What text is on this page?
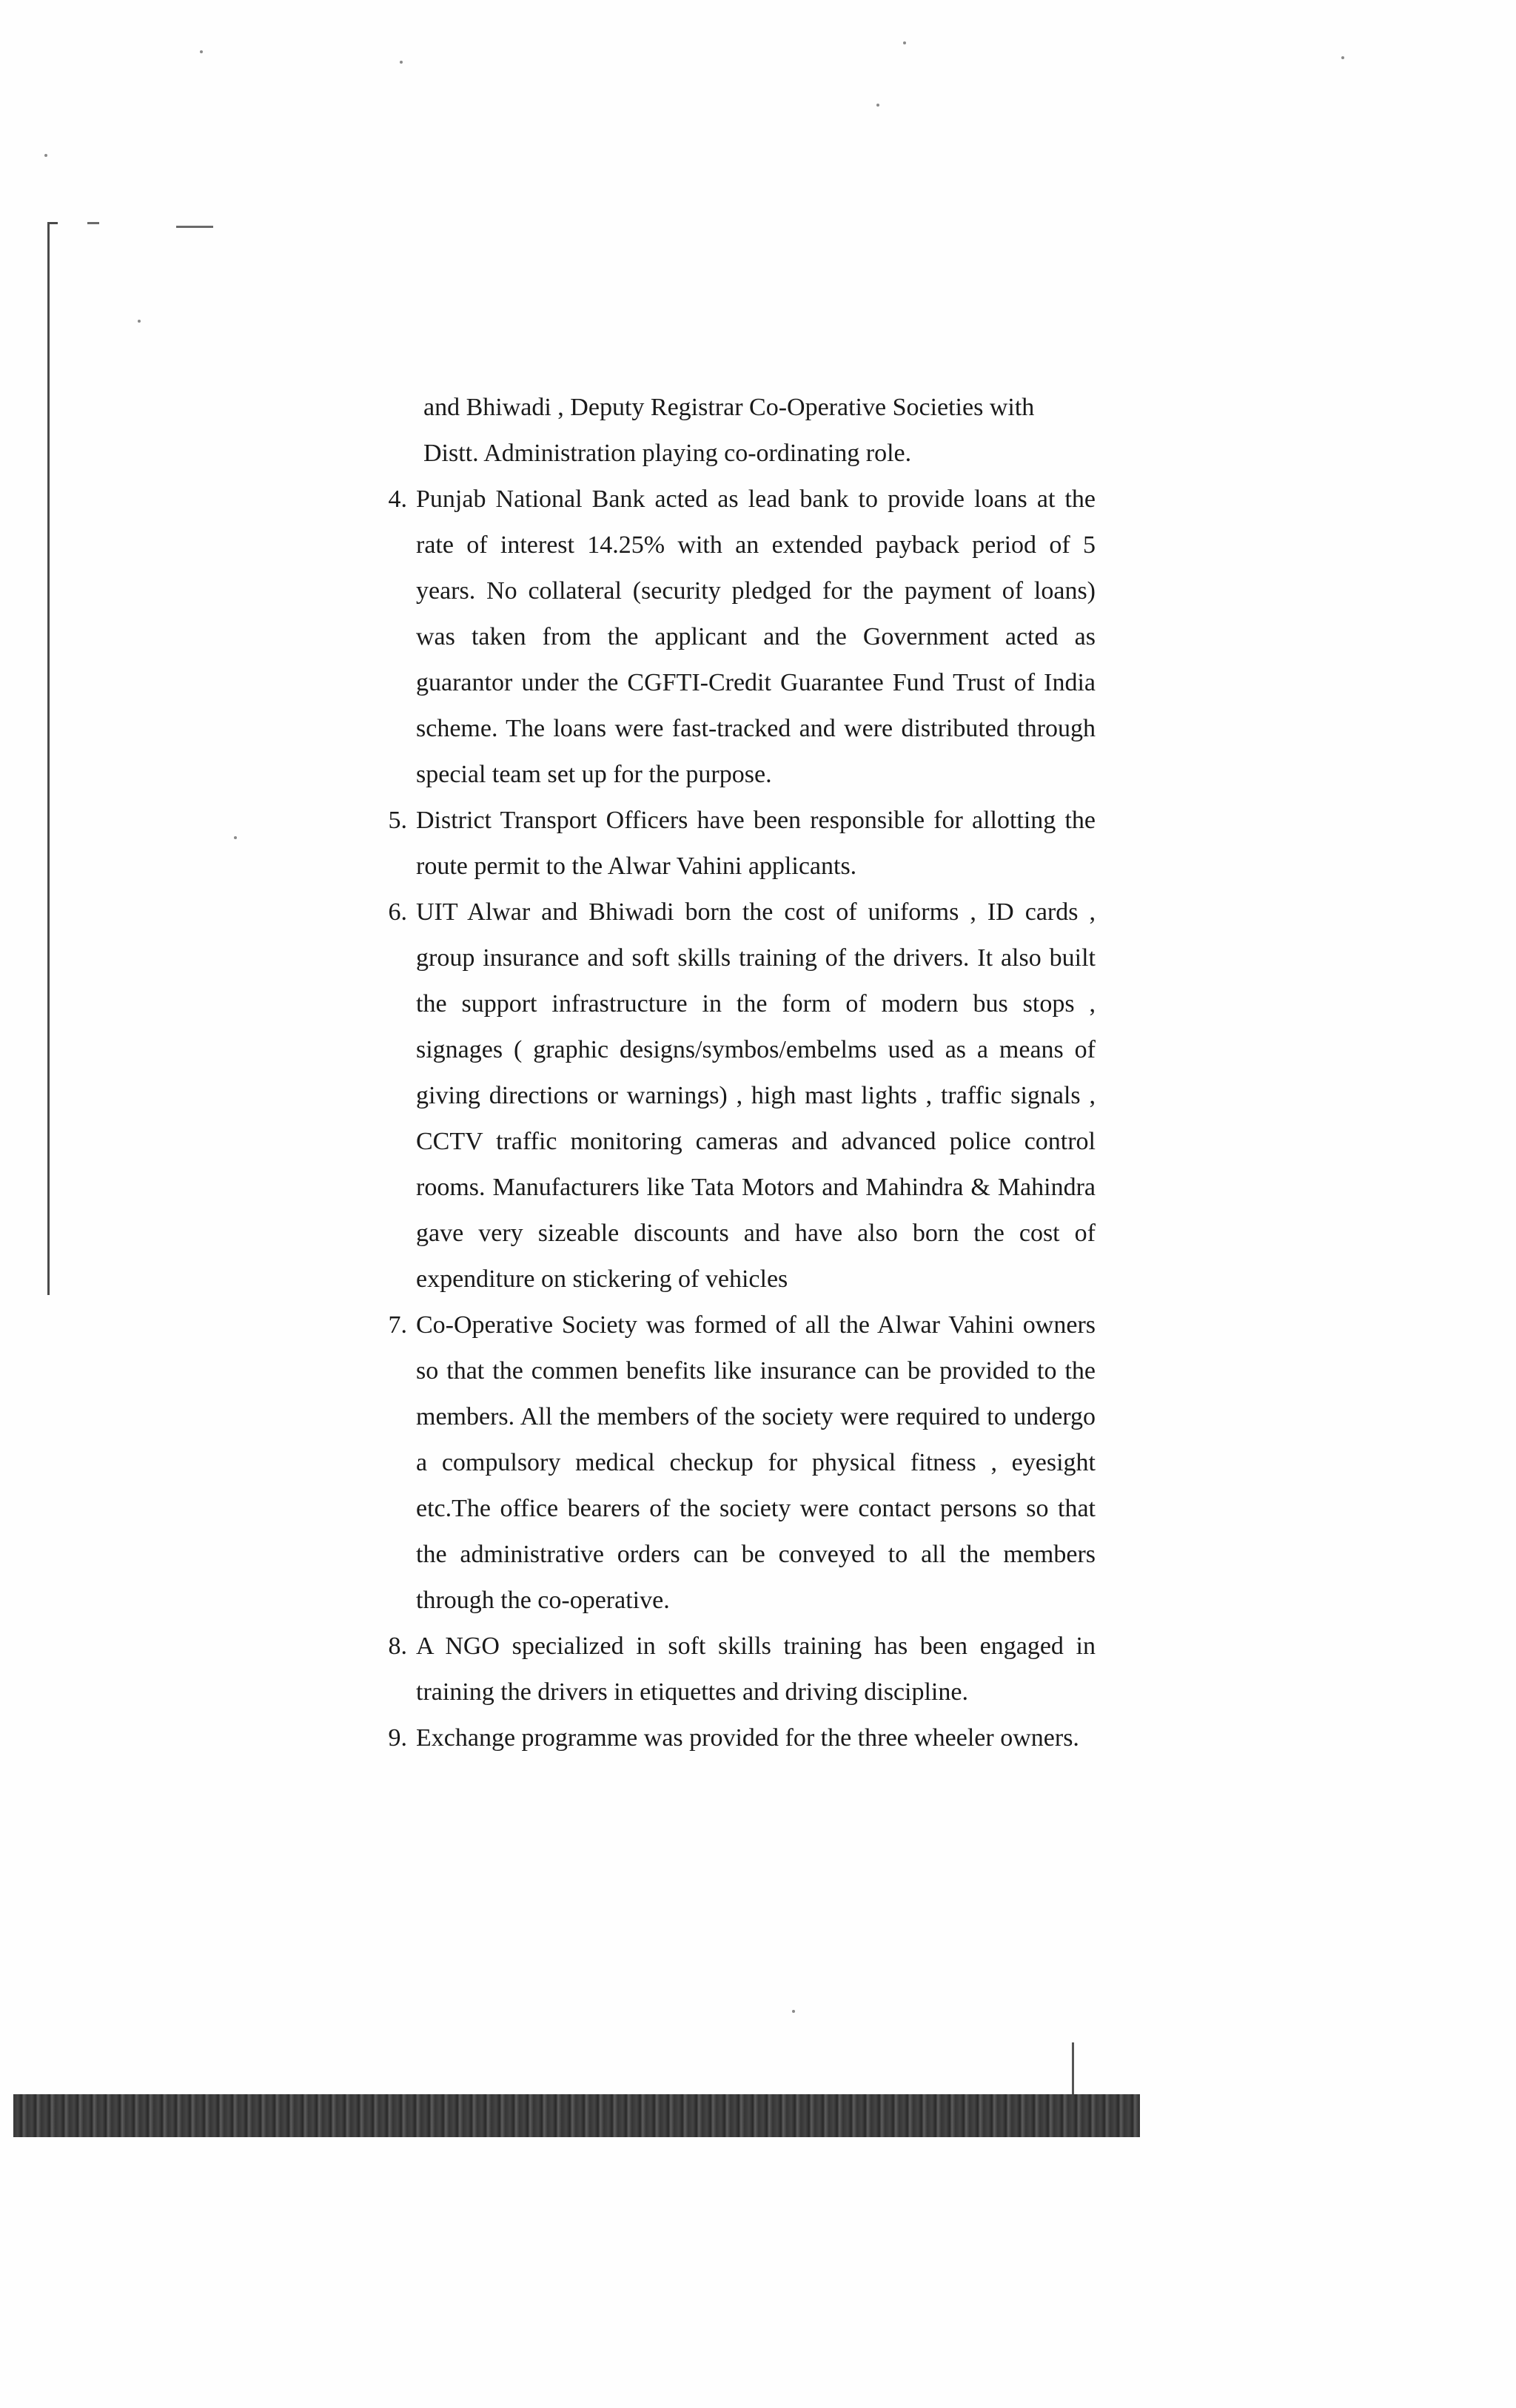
and Bhiwadi , Deputy Registrar Co-Operative Societies with
Distt. Administration playing co-ordinating role.

4. Punjab National Bank acted as lead bank to provide loans at the rate of interest 14.25% with an extended payback period of 5 years. No collateral (security pledged for the payment of loans) was taken from the applicant and the Government acted as guarantor under the CGFTI-Credit Guarantee Fund Trust of India scheme. The loans were fast-tracked and were distributed through special team set up for the purpose.
5. District Transport Officers have been responsible for allotting the route permit to the Alwar Vahini applicants.
6. UIT Alwar and Bhiwadi born the cost of uniforms , ID cards , group insurance and soft skills training of the drivers. It also built the support infrastructure in the form of modern bus stops , signages ( graphic designs/symbos/embelms used as a means of giving directions or warnings) , high mast lights , traffic signals , CCTV traffic monitoring cameras and advanced police control rooms. Manufacturers like Tata Motors and Mahindra & Mahindra gave very sizeable discounts and have also born the cost of expenditure on stickering of vehicles
7. Co-Operative Society was formed of all the Alwar Vahini owners so that the commen benefits like insurance can be provided to the members. All the members of the society were required to undergo a compulsory medical checkup for physical fitness , eyesight etc.The office bearers of the society were contact persons so that the administrative orders can be conveyed to all the members through the co-operative.
8. A NGO specialized in soft skills training has been engaged in training the drivers in etiquettes and driving discipline.
9. Exchange programme was provided for the three wheeler owners.
